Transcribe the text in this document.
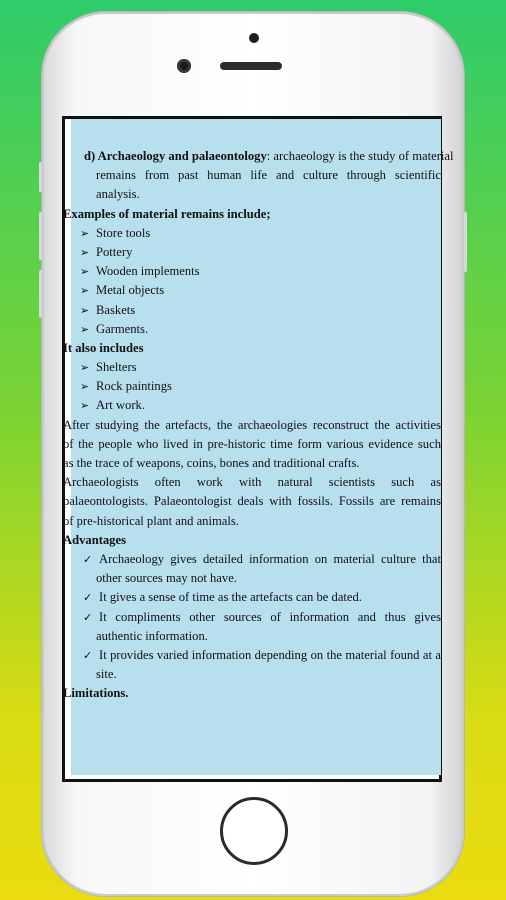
d) Archaeology and palaeontology: archaeology is the study of material
remains from past human life and culture through scientific
analysis.
Examples of material remains include;
➢ Store tools
➢ Pottery
➢ Wooden implements
➢ Metal objects
➢ Baskets
➢ Garments.
It also includes
➢ Shelters
➢ Rock paintings
➢ Art work.
After studying the artefacts, the archaeologies reconstruct the activities
of the people who lived in pre-historic time form various evidence such
as the trace of weapons, coins, bones and traditional crafts.
Archaeologists often work with natural scientists such as
palaeontologists. Palaeontologist deals with fossils. Fossils are remains
of pre-historical plant and animals.
Advantages
✓ Archaeology gives detailed information on material culture that
other sources may not have.
✓ It gives a sense of time as the artefacts can be dated.
✓ It compliments other sources of information and thus gives
authentic information.
✓ It provides varied information depending on the material found at a
site.
Limitations.
